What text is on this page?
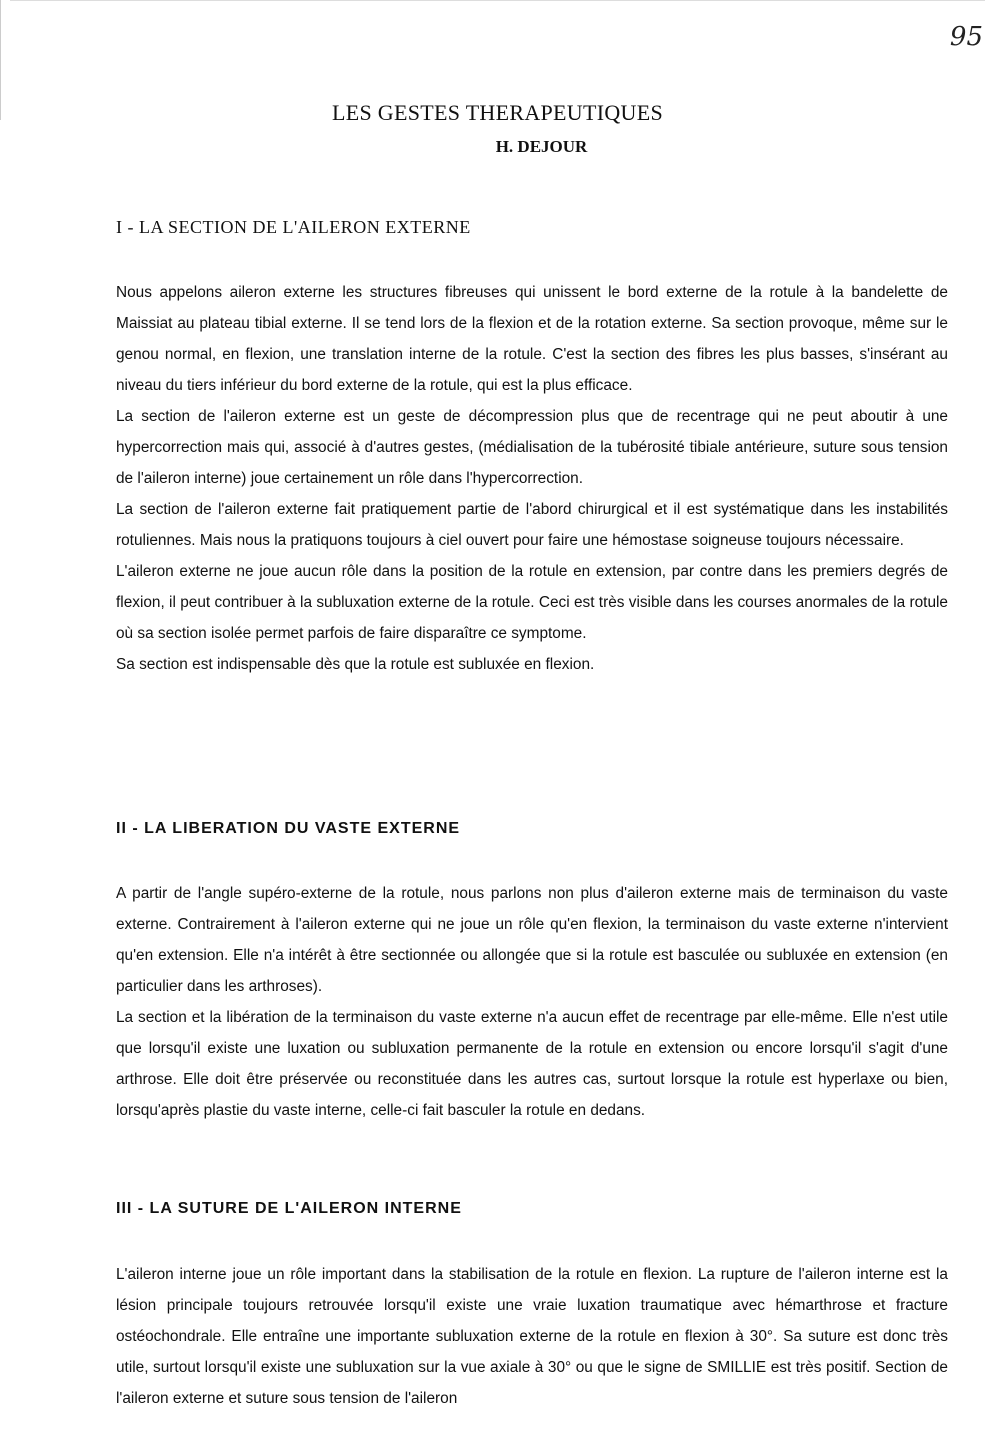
95
LES GESTES THERAPEUTIQUES
H. DEJOUR
I - LA SECTION DE L'AILERON EXTERNE

Nous appelons aileron externe les structures fibreuses qui unissent le bord externe de la rotule à la bandelette de Maissiat au plateau tibial externe. Il se tend lors de la flexion et de la rotation externe. Sa section provoque, même sur le genou normal, en flexion, une translation interne de la rotule. C'est la section des fibres les plus basses, s'insérant au niveau du tiers inférieur du bord externe de la rotule, qui est la plus efficace.

La section de l'aileron externe est un geste de décompression plus que de recentrage qui ne peut aboutir à une hypercorrection mais qui, associé à d'autres gestes, (médialisation de la tubérosité tibiale antérieure, suture sous tension de l'aileron interne) joue certainement un rôle dans l'hypercorrection.

La section de l'aileron externe fait pratiquement partie de l'abord chirurgical et il est systématique dans les instabilités rotuliennes. Mais nous la pratiquons toujours à ciel ouvert pour faire une hémostase soigneuse toujours nécessaire.

L'aileron externe ne joue aucun rôle dans la position de la rotule en extension, par contre dans les premiers degrés de flexion, il peut contribuer à la subluxation externe de la rotule. Ceci est très visible dans les courses anormales de la rotule où sa section isolée permet parfois de faire disparaître ce symptome.

Sa section est indispensable dès que la rotule est subluxée en flexion.

II - LA LIBERATION DU VASTE EXTERNE

A partir de l'angle supéro-externe de la rotule, nous parlons non plus d'aileron externe mais de terminaison du vaste externe. Contrairement à l'aileron externe qui ne joue un rôle qu'en flexion, la terminaison du vaste externe n'intervient qu'en extension. Elle n'a intérêt à être sectionnée ou allongée que si la rotule est basculée ou subluxée en extension (en particulier dans les arthroses).

La section et la libération de la terminaison du vaste externe n'a aucun effet de recentrage par elle-même. Elle n'est utile que lorsqu'il existe une luxation ou subluxation permanente de la rotule en extension ou encore lorsqu'il s'agit d'une arthrose. Elle doit être préservée ou reconstituée dans les autres cas, surtout lorsque la rotule est hyperlaxe ou bien, lorsqu'après plastie du vaste interne, celle-ci fait basculer la rotule en dedans.

III - LA SUTURE DE L'AILERON INTERNE

L'aileron interne joue un rôle important dans la stabilisation de la rotule en flexion. La rupture de l'aileron interne est la lésion principale toujours retrouvée lorsqu'il existe une vraie luxation traumatique avec hémarthrose et fracture ostéochondrale. Elle entraîne une importante subluxation externe de la rotule en flexion à 30°. Sa suture est donc très utile, surtout lorsqu'il existe une subluxation sur la vue axiale à 30° ou que le signe de SMILLIE est très positif. Section de l'aileron externe et suture sous tension de l'aileron
